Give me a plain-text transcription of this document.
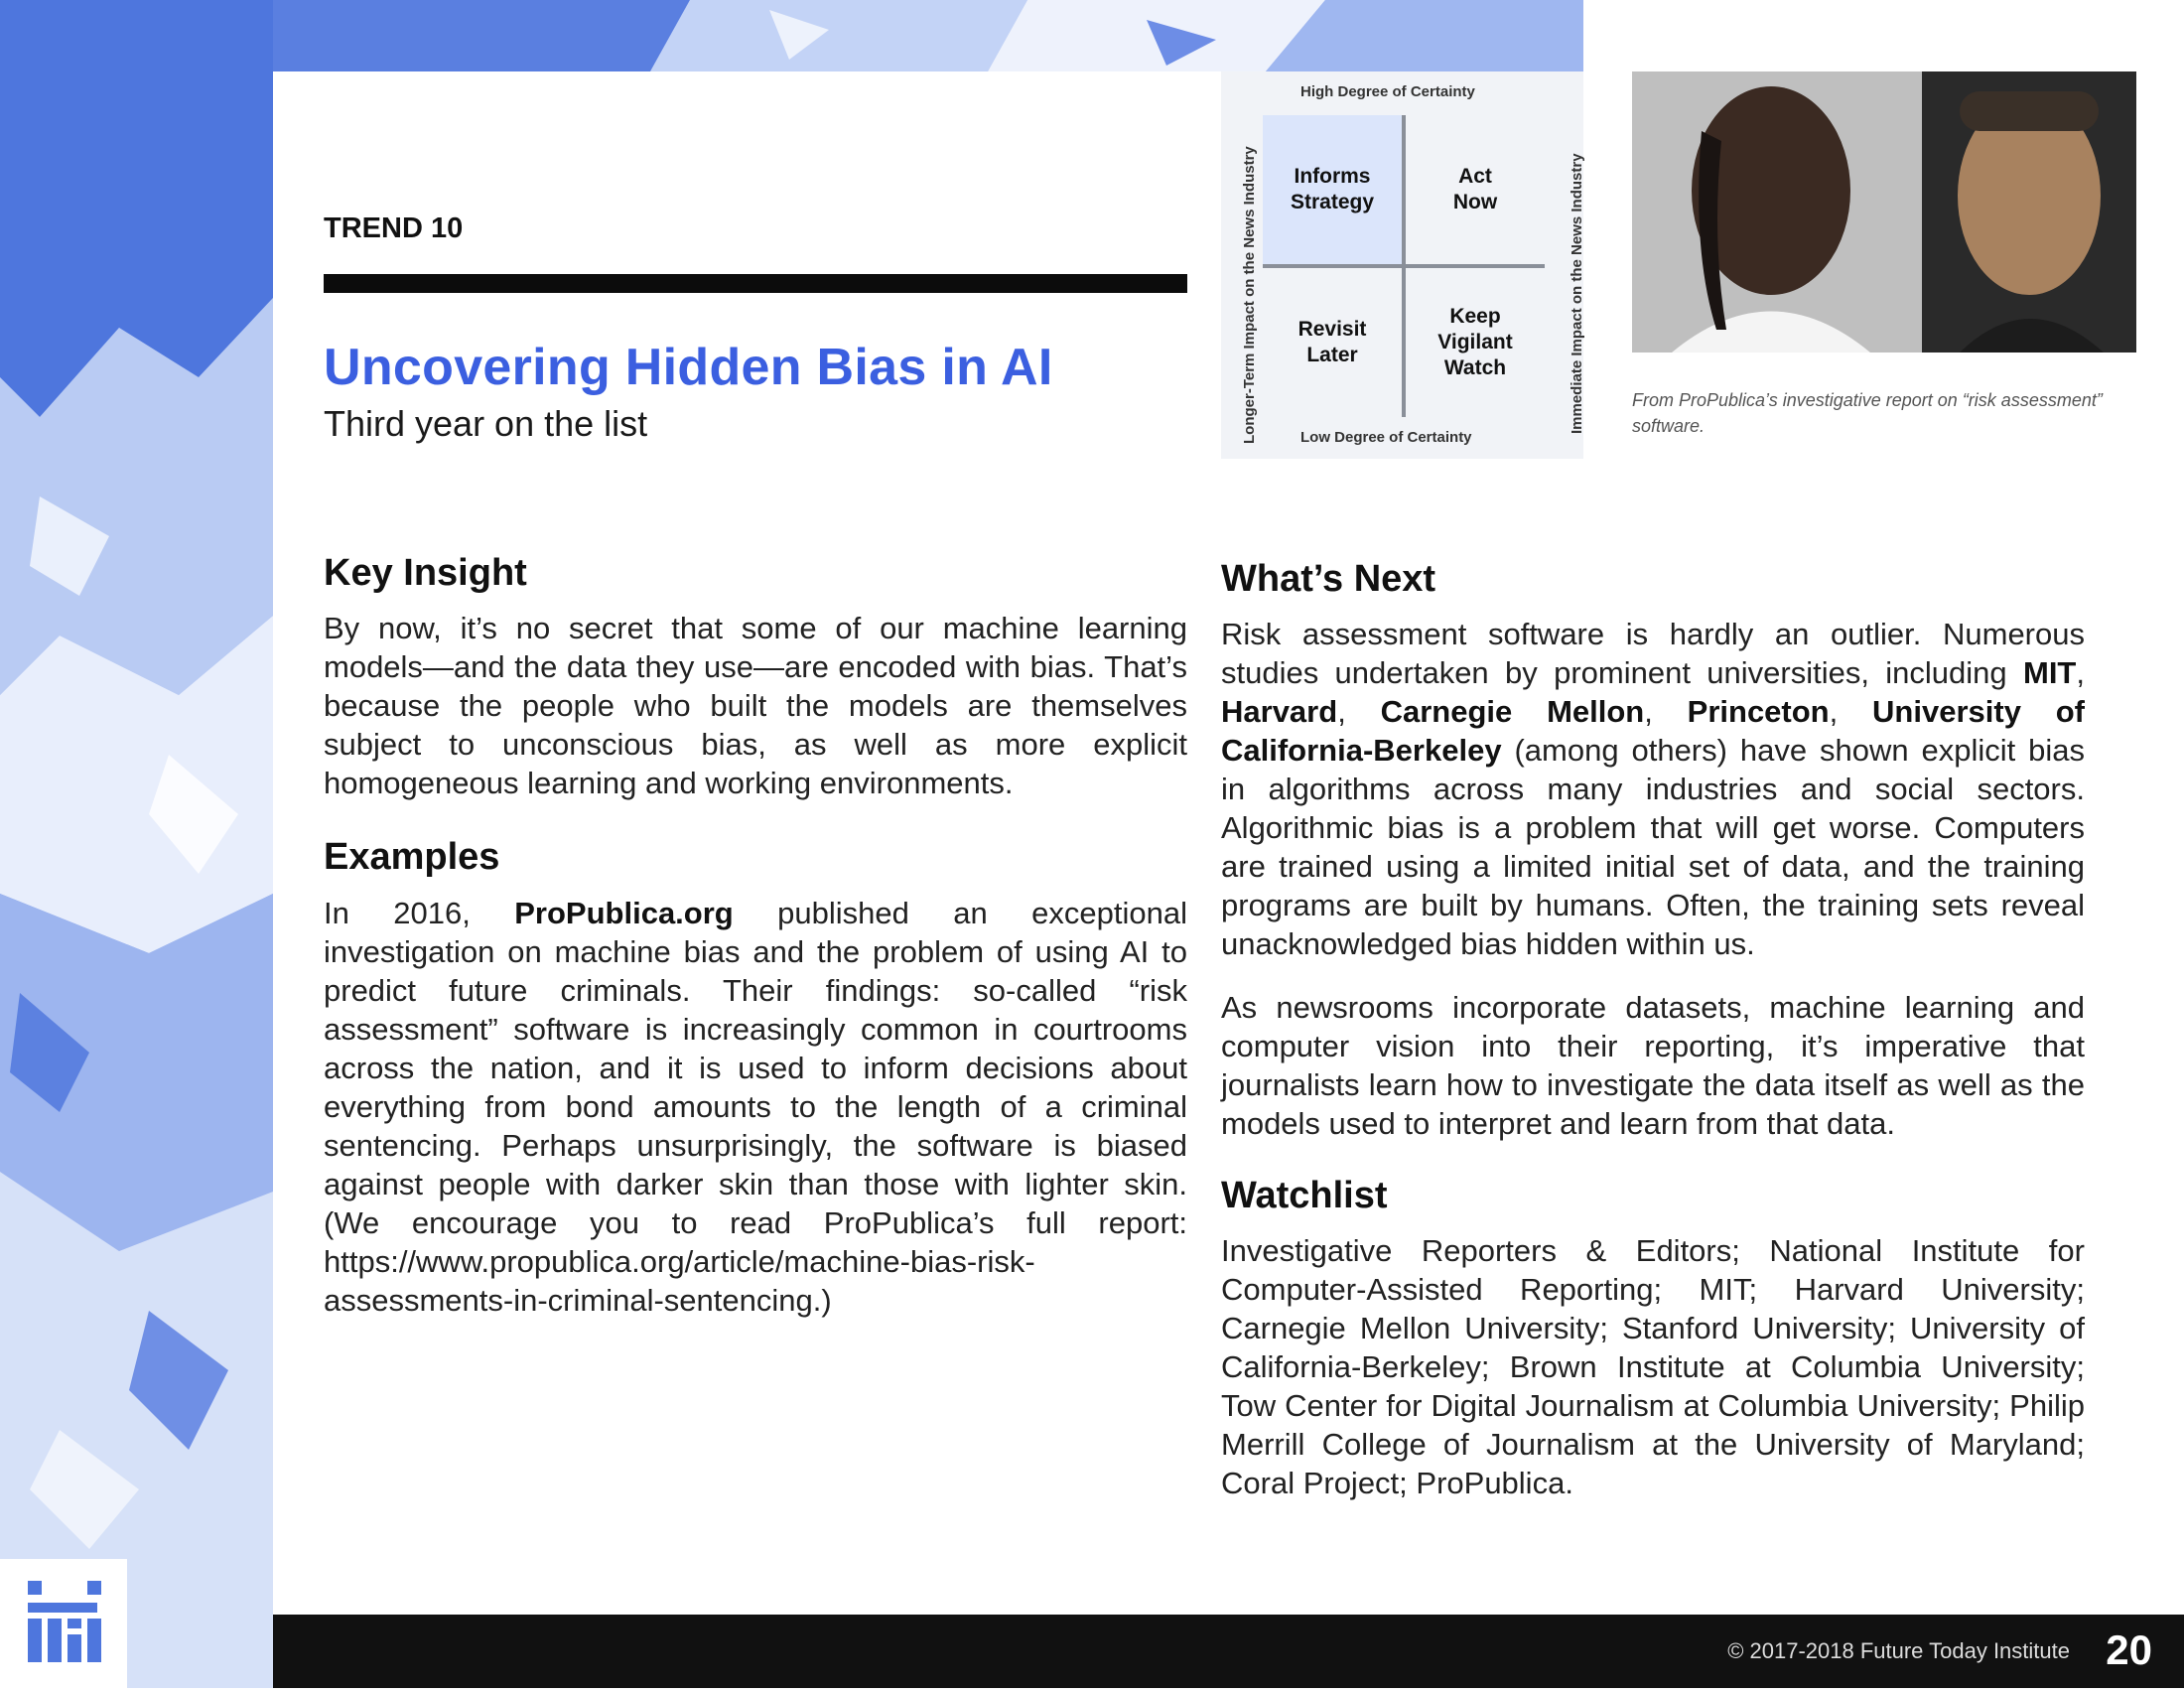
TREND 10
Uncovering Hidden Bias in AI
Third year on the list
High Degree of Certainty
Low Degree of Certainty
Longer-Term Impact on the News Industry	Immediate Impact on the News Industry
Informs
Strategy
Act
Now
Revisit
Later
Keep
Vigilant
Watch
From ProPublica’s investigative report on “risk assessment” software.
Key Insight

By now, it’s no secret that some of our machine learning models—and the data they use—are encoded with bias. That’s because the people who built the models are themselves subject to unconscious bias, as well as more explicit homogeneous learning and working environments.

Examples

In 2016, ProPublica.org published an exceptional investigation on machine bias and the problem of using AI to predict future criminals. Their findings: so-called “risk assessment” software is increasingly common in courtrooms across the nation, and it is used to inform decisions about everything from bond amounts to the length of a criminal sentencing. Perhaps unsurprisingly, the software is biased against people with darker skin than those with lighter skin. (We encourage you to read ProPublica’s full report: https://www.propublica.org/article/machine-bias-risk-assessments-in-criminal-sentencing.)

What’s Next

Risk assessment software is hardly an outlier. Numerous studies undertaken by prominent universities, including MIT, Harvard, Carnegie Mellon, Princeton, University of California-Berkeley (among others) have shown explicit bias in algorithms across many industries and social sectors. Algorithmic bias is a problem that will get worse. Computers are trained using a limited initial set of data, and the training programs are built by humans. Often, the training sets reveal unacknowledged bias hidden within us.

As newsrooms incorporate datasets, machine learning and computer vision into their reporting, it’s imperative that journalists learn how to investigate the data itself as well as the models used to interpret and learn from that data.

Watchlist

Investigative Reporters & Editors; National Institute for Computer-Assisted Reporting; MIT; Harvard University; Carnegie Mellon University; Stanford University; University of California-Berkeley; Brown Institute at Columbia University; Tow Center for Digital Journalism at Columbia University; Philip Merrill College of Journalism at the University of Maryland; Coral Project; ProPublica.

© 2017-2018 Future Today Institute 20
